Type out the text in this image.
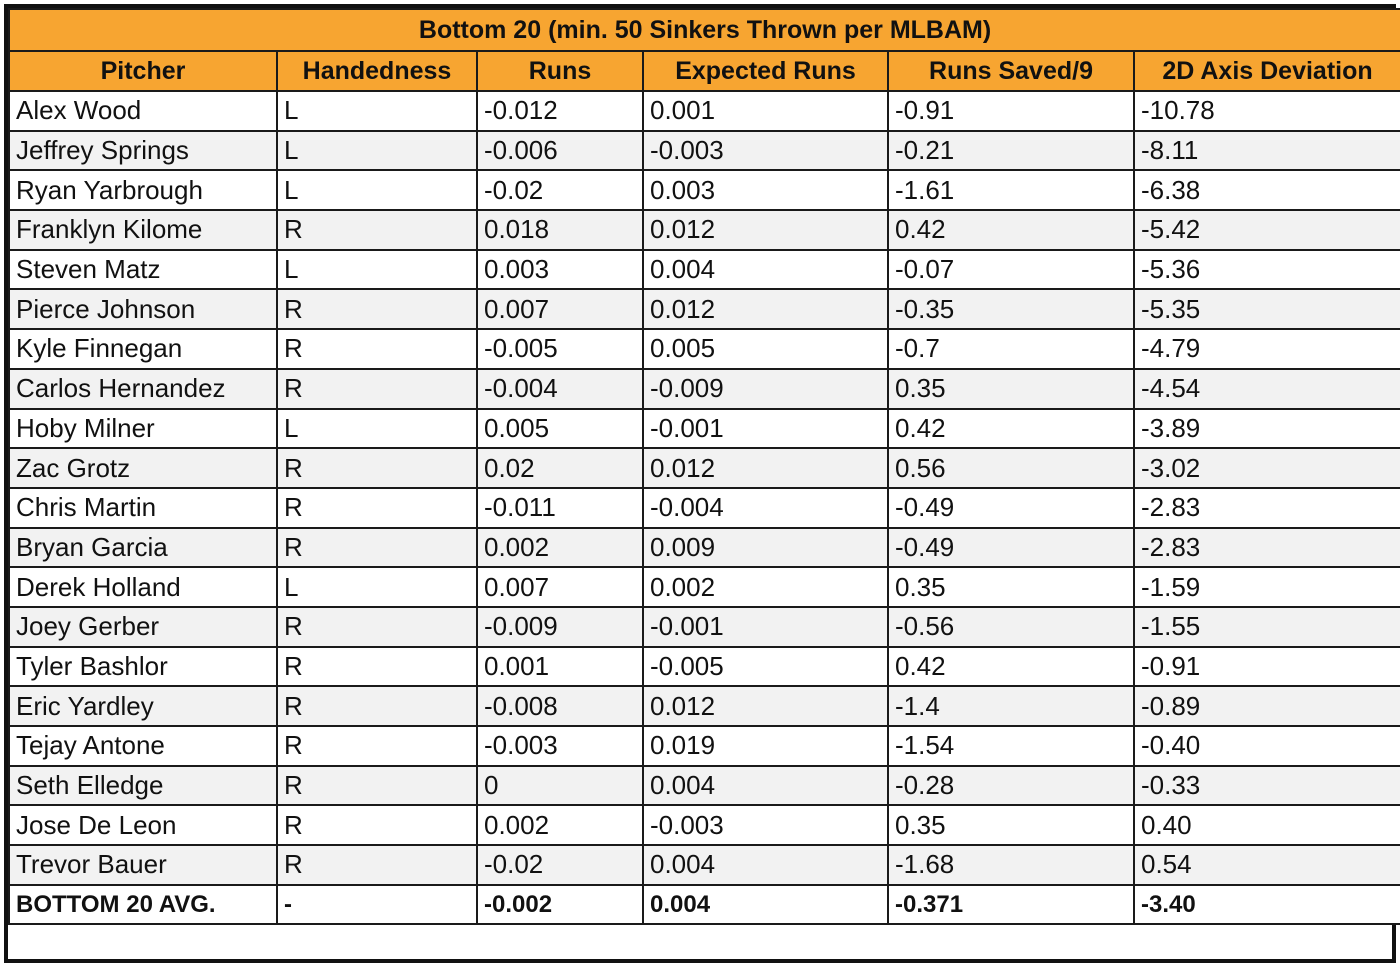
Bottom 20 (min. 50 Sinkers Thrown per MLBAM)					
Pitcher	Handedness	Runs	Expected Runs	Runs Saved/9	2D Axis Deviation
Alex Wood	L	-0.012	0.001	-0.91	-10.78
Jeffrey Springs	L	-0.006	-0.003	-0.21	-8.11
Ryan Yarbrough	L	-0.02	0.003	-1.61	-6.38
Franklyn Kilome	R	0.018	0.012	0.42	-5.42
Steven Matz	L	0.003	0.004	-0.07	-5.36
Pierce Johnson	R	0.007	0.012	-0.35	-5.35
Kyle Finnegan	R	-0.005	0.005	-0.7	-4.79
Carlos Hernandez	R	-0.004	-0.009	0.35	-4.54
Hoby Milner	L	0.005	-0.001	0.42	-3.89
Zac Grotz	R	0.02	0.012	0.56	-3.02
Chris Martin	R	-0.011	-0.004	-0.49	-2.83
Bryan Garcia	R	0.002	0.009	-0.49	-2.83
Derek Holland	L	0.007	0.002	0.35	-1.59
Joey Gerber	R	-0.009	-0.001	-0.56	-1.55
Tyler Bashlor	R	0.001	-0.005	0.42	-0.91
Eric Yardley	R	-0.008	0.012	-1.4	-0.89
Tejay Antone	R	-0.003	0.019	-1.54	-0.40
Seth Elledge	R	0	0.004	-0.28	-0.33
Jose De Leon	R	0.002	-0.003	0.35	0.40
Trevor Bauer	R	-0.02	0.004	-1.68	0.54
BOTTOM 20 AVG.	-	-0.002	0.004	-0.371	-3.40
